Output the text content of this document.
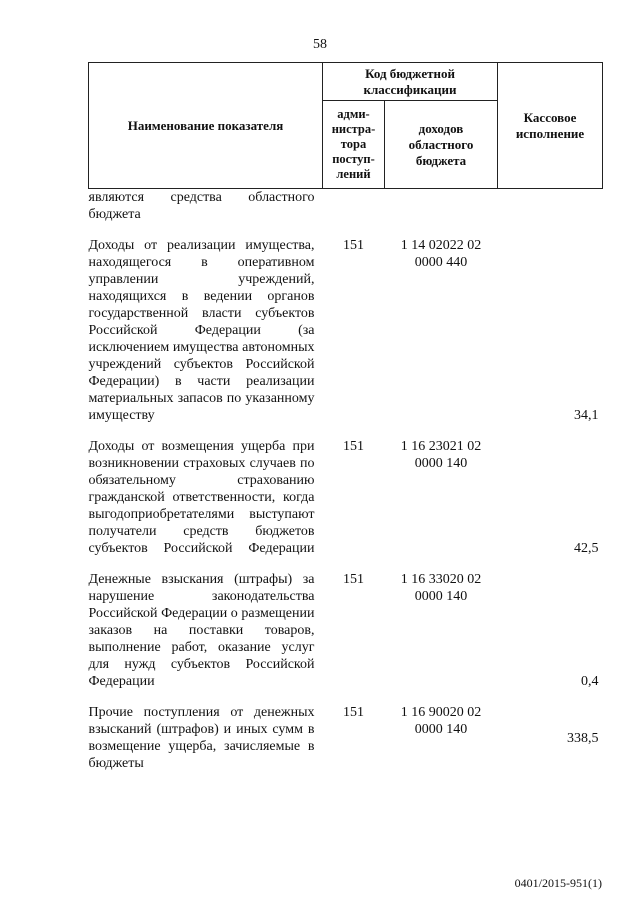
58
Наименование показателя	Код бюджетной классификации		Кассовое исполнение
	адми-нистра-тора поступ-лений	доходов областного бюджета	
являются средства областного бюджета			

Доходы от реализации имущества, находящегося в оперативном управлении учреждений, находящихся в ведении органов государственной власти субъектов Российской Федерации (за исключением имущества автономных учреждений субъектов Российской Федерации) в части реализации материальных запасов по указанному имуществу	151	1 14 02022 02 0000 440	34,1

Доходы от возмещения ущерба при возникновении страховых случаев по обязательному страхованию гражданской ответственности, когда выгодоприобретателями выступают получатели средств бюджетов субъектов Российской Федерации	151	1 16 23021 02 0000 140	42,5

Денежные взыскания (штрафы) за нарушение законодательства Российской Федерации о размещении заказов на поставки товаров, выполнение работ, оказание услуг для нужд субъектов Российской Федерации	151	1 16 33020 02 0000 140	0,4

Прочие поступления от денежных взысканий (штрафов) и иных сумм в возмещение ущерба, зачисляемые в бюджеты	151	1 16 90020 02 0000 140	338,5
0401/2015-951(1)
